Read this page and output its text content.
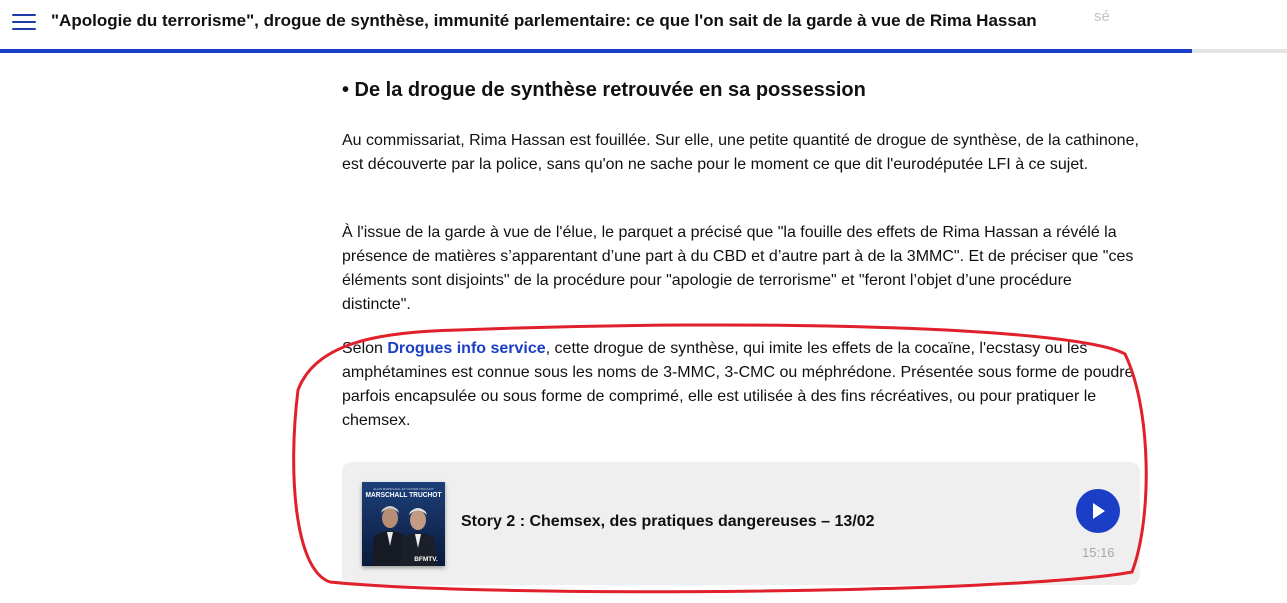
"Apologie du terrorisme", drogue de synthèse, immunité parlementaire: ce que l'on sait de la garde à vue de Rima Hassan	sé
• De la drogue de synthèse retrouvée en sa possession

Au commissariat, Rima Hassan est fouillée. Sur elle, une petite quantité de drogue de synthèse, de la cathinone, est découverte par la police, sans qu'on ne sache pour le moment ce que dit l'eurodéputée LFI à ce sujet.

À l'issue de la garde à vue de l'élue, le parquet a précisé que "la fouille des effets de Rima Hassan a révélé la présence de matières s’apparentant d’une part à du CBD et d’autre part à de la 3MMC". Et de préciser que "ces éléments sont disjoints" de la procédure pour "apologie de terrorisme" et "feront l’objet d’une procédure distincte".

Selon Drogues info service, cette drogue de synthèse, qui imite les effets de la cocaïne, l'ecstasy ou les amphétamines est connue sous les noms de 3-MMC, 3-CMC ou méphrédone. Présentée sous forme de poudre parfois encapsulée ou sous forme de comprimé, elle est utilisée à des fins récréatives, ou pour pratiquer le chemsex.

ALAIN MARSCHALL ET OLIVIER TRUCHOT
MARSCHALL TRUCHOT
BFMTV.
Story 2 : Chemsex, des pratiques dangereuses – 13/02
15:16
